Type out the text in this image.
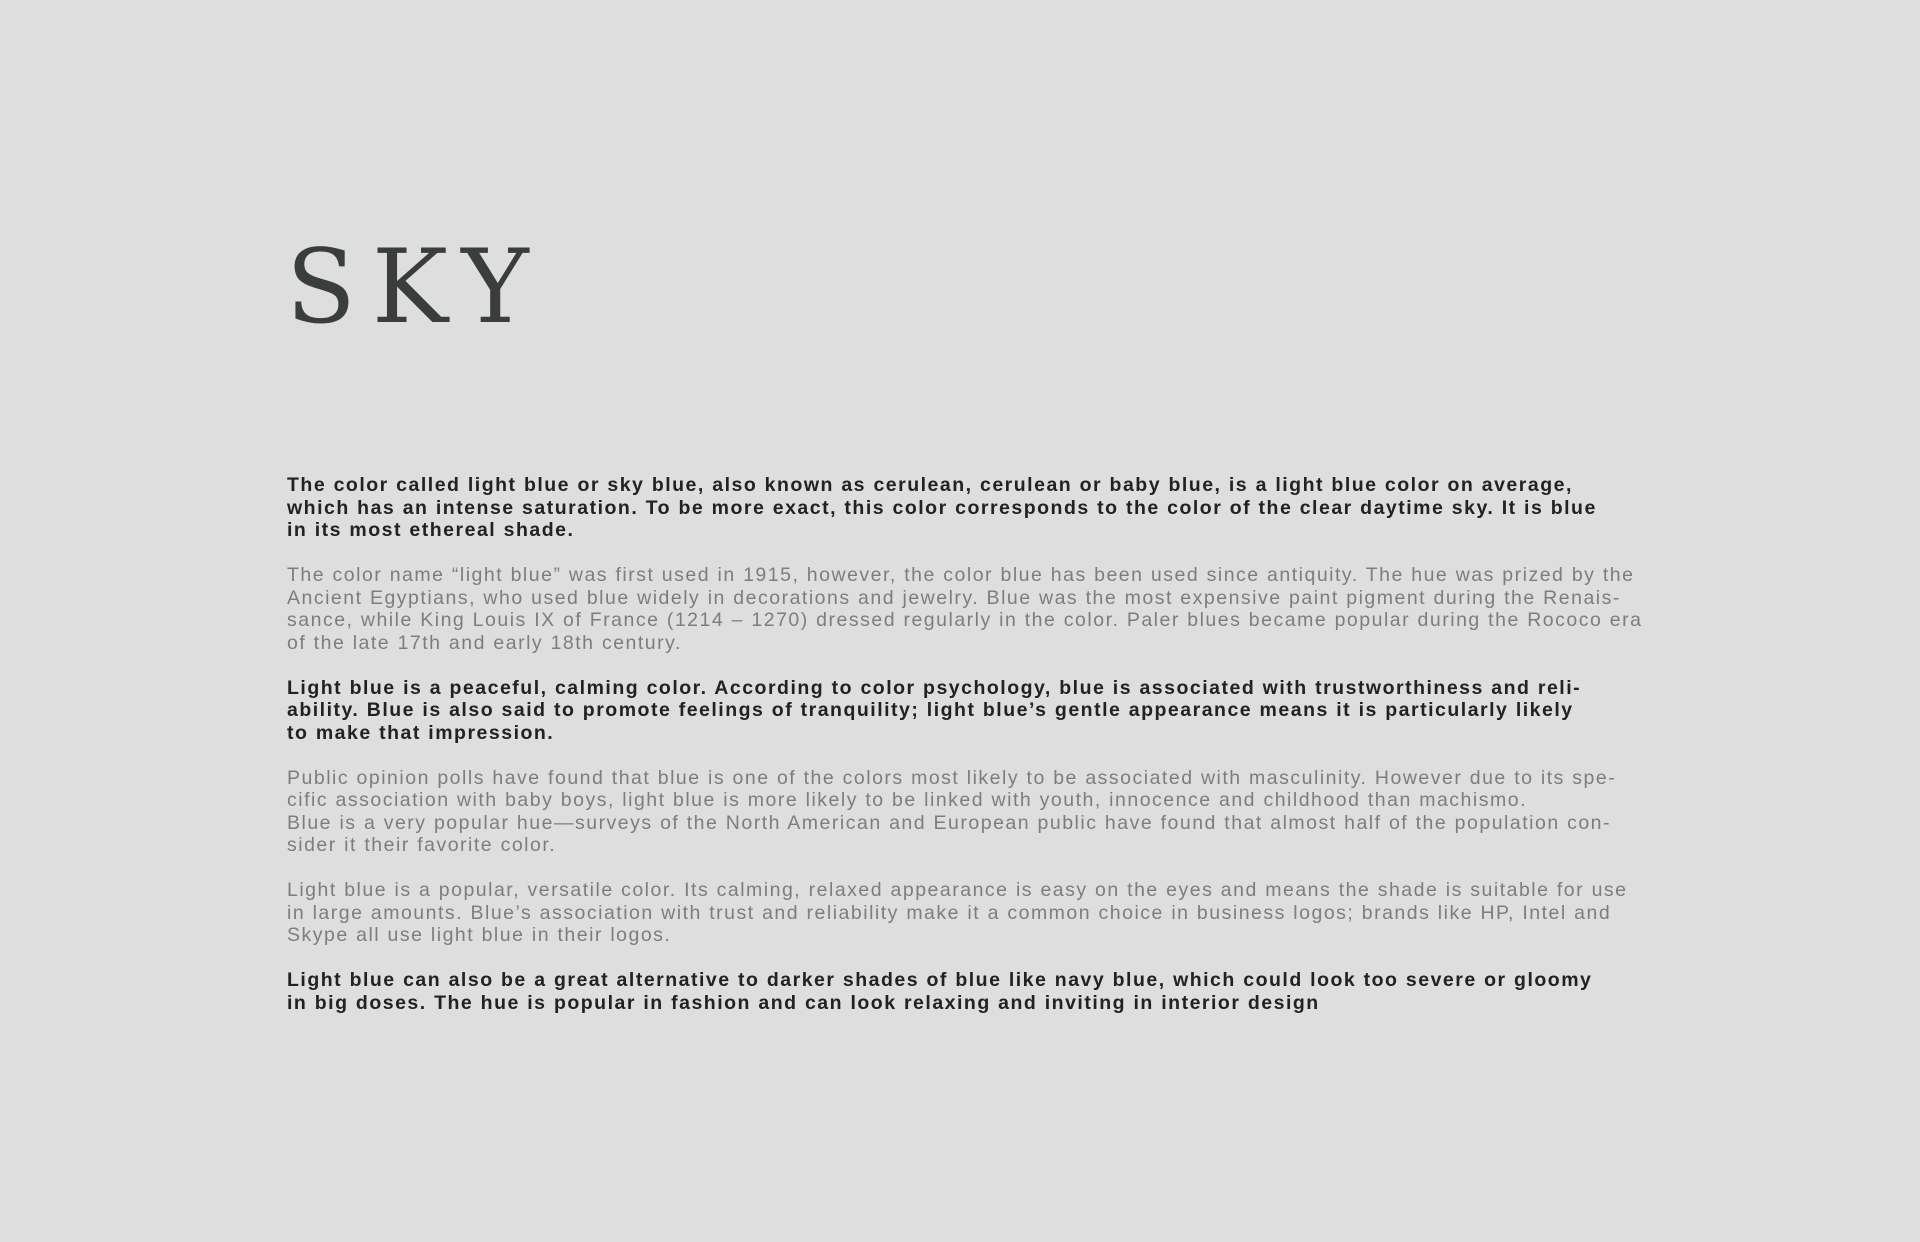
SKY

The color called light blue or sky blue, also known as cerulean, cerulean or baby blue, is a light blue color on average,
which has an intense saturation. To be more exact, this color corresponds to the color of the clear daytime sky. It is blue
in its most ethereal shade.

The color name “light blue” was first used in 1915, however, the color blue has been used since antiquity. The hue was prized by the
Ancient Egyptians, who used blue widely in decorations and jewelry. Blue was the most expensive paint pigment during the Renais-
sance, while King Louis IX of France (1214 – 1270) dressed regularly in the color. Paler blues became popular during the Rococo era
of the late 17th and early 18th century.

Light blue is a peaceful, calming color. According to color psychology, blue is associated with trustworthiness and reli-
ability. Blue is also said to promote feelings of tranquility; light blue’s gentle appearance means it is particularly likely
to make that impression.

Public opinion polls have found that blue is one of the colors most likely to be associated with masculinity. However due to its spe-
cific association with baby boys, light blue is more likely to be linked with youth, innocence and childhood than machismo.
Blue is a very popular hue—surveys of the North American and European public have found that almost half of the population con-
sider it their favorite color.

Light blue is a popular, versatile color. Its calming, relaxed appearance is easy on the eyes and means the shade is suitable for use
in large amounts. Blue’s association with trust and reliability make it a common choice in business logos; brands like HP, Intel and
Skype all use light blue in their logos.

Light blue can also be a great alternative to darker shades of blue like navy blue, which could look too severe or gloomy
in big doses. The hue is popular in fashion and can look relaxing and inviting in interior design
